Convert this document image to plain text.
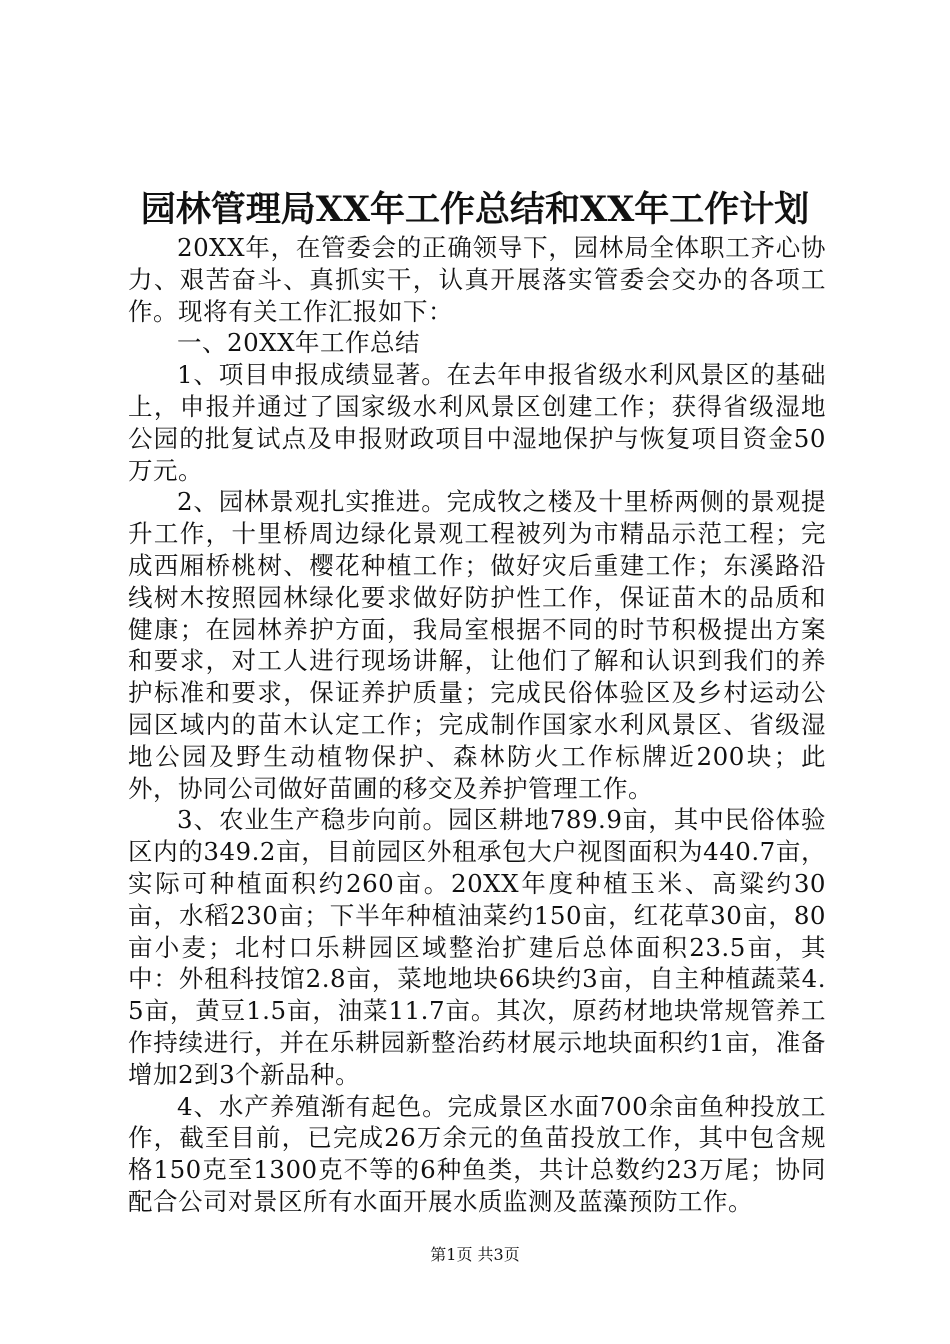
园林管理局XX年工作总结和XX年工作计划

20XX年，在管委会的正确领导下，园林局全体职工齐心协力、艰苦奋斗、真抓实干，认真开展落实管委会交办的各项工作。现将有关工作汇报如下：

一、20XX年工作总结

1、项目申报成绩显著。在去年申报省级水利风景区的基础上，申报并通过了国家级水利风景区创建工作；获得省级湿地公园的批复试点及申报财政项目中湿地保护与恢复项目资金50万元。

2、园林景观扎实推进。完成牧之楼及十里桥两侧的景观提升工作，十里桥周边绿化景观工程被列为市精品示范工程；完成西厢桥桃树、樱花种植工作；做好灾后重建工作；东溪路沿线树木按照园林绿化要求做好防护性工作，保证苗木的品质和健康；在园林养护方面，我局室根据不同的时节积极提出方案和要求，对工人进行现场讲解，让他们了解和认识到我们的养护标准和要求，保证养护质量；完成民俗体验区及乡村运动公园区域内的苗木认定工作；完成制作国家水利风景区、省级湿地公园及野生动植物保护、森林防火工作标牌近200块；此外，协同公司做好苗圃的移交及养护管理工作。

3、农业生产稳步向前。园区耕地789.9亩，其中民俗体验区内的349.2亩，目前园区外租承包大户视图面积为440.7亩，实际可种植面积约260亩。20XX年度种植玉米、高粱约30亩，水稻230亩；下半年种植油菜约150亩，红花草30亩，80亩小麦；北村口乐耕园区域整治扩建后总体面积23.5亩，其中：外租科技馆2.8亩，菜地地块66块约3亩，自主种植蔬菜4.5亩，黄豆1.5亩，油菜11.7亩。其次，原药材地块常规管养工作持续进行，并在乐耕园新整治药材展示地块面积约1亩，准备增加2到3个新品种。

4、水产养殖渐有起色。完成景区水面700余亩鱼种投放工作，截至目前，已完成26万余元的鱼苗投放工作，其中包含规格150克至1300克不等的6种鱼类，共计总数约23万尾；协同配合公司对景区所有水面开展水质监测及蓝藻预防工作。

第1页 共3页
